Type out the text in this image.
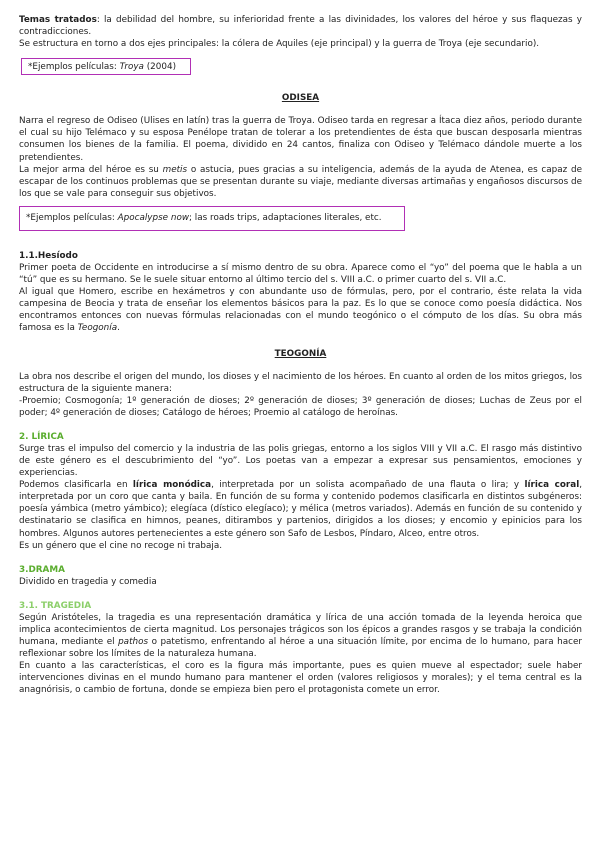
Temas tratados: la debilidad del hombre, su inferioridad frente a las divinidades, los valores del héroe y sus flaquezas y contradicciones.

Se estructura en torno a dos ejes principales: la cólera de Aquiles (eje principal) y la guerra de Troya (eje secundario).

*Ejemplos películas: Troya (2004)
ODISEA

Narra el regreso de Odiseo (Ulises en latín) tras la guerra de Troya. Odiseo tarda en regresar a Ítaca diez años, periodo durante el cual su hijo Telémaco y su esposa Penélope tratan de tolerar a los pretendientes de ésta que buscan desposarla mientras consumen los bienes de la familia. El poema, dividido en 24 cantos, finaliza con Odiseo y Telémaco dándole muerte a los pretendientes.

La mejor arma del héroe es su metis o astucia, pues gracias a su inteligencia, además de la ayuda de Atenea, es capaz de escapar de los continuos problemas que se presentan durante su viaje, mediante diversas artimañas y engañosos discursos de los que se vale para conseguir sus objetivos.

*Ejemplos películas: Apocalypse now; las roads trips, adaptaciones literales, etc.
1.1.Hesíodo

Primer poeta de Occidente en introducirse a sí mismo dentro de su obra. Aparece como el “yo” del poema que le habla a un “tú” que es su hermano. Se le suele situar entorno al último tercio del s. VIII a.C. o primer cuarto del s. VII a.C.

Al igual que Homero, escribe en hexámetros y con abundante uso de fórmulas, pero, por el contrario, éste relata la vida campesina de Beocia y trata de enseñar los elementos básicos para la paz. Es lo que se conoce como poesía didáctica. Nos encontramos entonces con nuevas fórmulas relacionadas con el mundo teogónico o el cómputo de los días. Su obra más famosa es la Teogonía.

TEOGONÍA

La obra nos describe el origen del mundo, los dioses y el nacimiento de los héroes. En cuanto al orden de los mitos griegos, los estructura de la siguiente manera:

-Proemio; Cosmogonía; 1º generación de dioses; 2º generación de dioses; 3º generación de dioses; Luchas de Zeus por el poder; 4º generación de dioses; Catálogo de héroes; Proemio al catálogo de heroínas.

2. LÍRICA

Surge tras el impulso del comercio y la industria de las polis griegas, entorno a los siglos VIII y VII a.C. El rasgo más distintivo de este género es el descubrimiento del “yo”. Los poetas van a empezar a expresar sus pensamientos, emociones y experiencias.

Podemos clasificarla en lírica monódica, interpretada por un solista acompañado de una flauta o lira; y lírica coral, interpretada por un coro que canta y baila. En función de su forma y contenido podemos clasificarla en distintos subgéneros: poesía yámbica (metro yámbico); elegíaca (dístico elegíaco); y mélica (metros variados). Además en función de su contenido y destinatario se clasifica en himnos, peanes, ditirambos y partenios, dirigidos a los dioses; y encomio y epinicios para los hombres. Algunos autores pertenecientes a este género son Safo de Lesbos, Píndaro, Alceo, entre otros.

Es un género que el cine no recoge ni trabaja.

3.DRAMA

Dividido en tragedia y comedia

3.1. TRAGEDIA

Según Aristóteles, la tragedia es una representación dramática y lírica de una acción tomada de la leyenda heroica que implica acontecimientos de cierta magnitud. Los personajes trágicos son los épicos a grandes rasgos y se trabaja la condición humana, mediante el pathos o patetismo, enfrentando al héroe a una situación límite, por encima de lo humano, para hacer reflexionar sobre los límites de la naturaleza humana.

En cuanto a las características, el coro es la figura más importante, pues es quien mueve al espectador; suele haber intervenciones divinas en el mundo humano para mantener el orden (valores religiosos y morales); y el tema central es la anagnórisis, o cambio de fortuna, donde se empieza bien pero el protagonista comete un error.
